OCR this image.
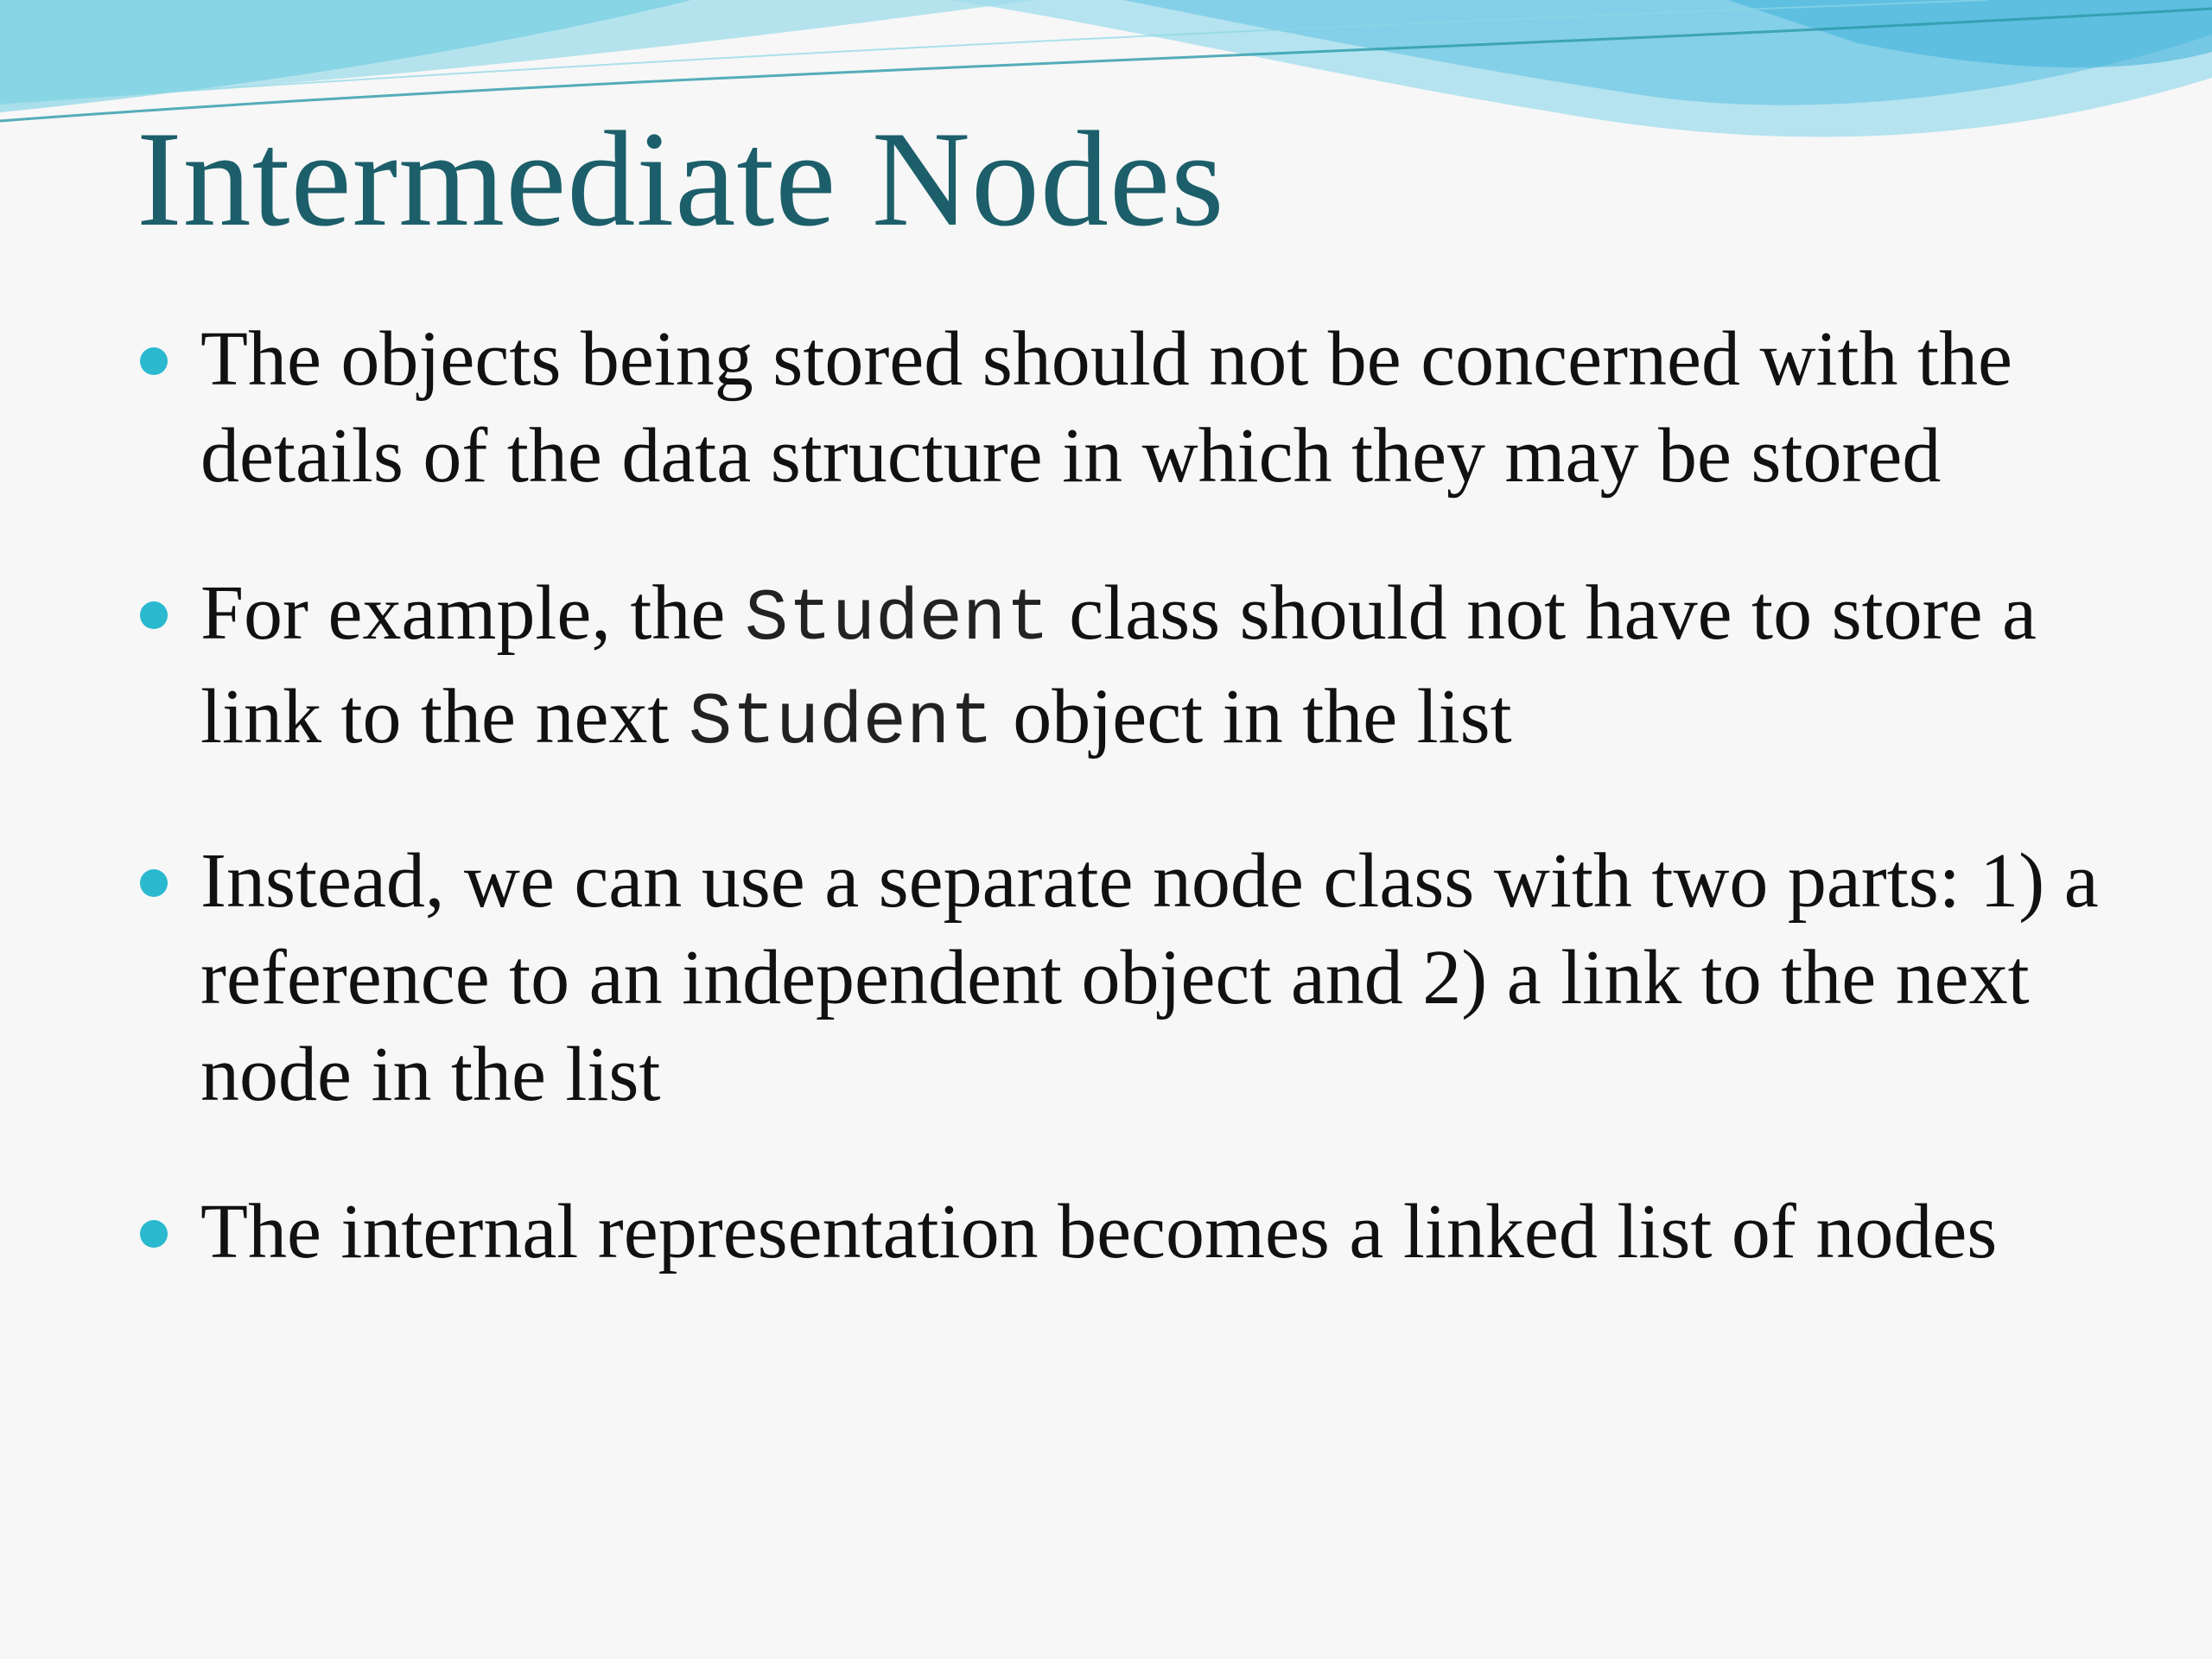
Intermediate Nodes
The objects being stored should not be concerned with the details of the data structure in which they may be stored
For example, the Student class should not have to store a link to the next Student object in the list
Instead, we can use a separate node class with two parts: 1) a reference to an independent object and 2) a link to the next node in the list
The internal representation becomes a linked list of nodes
